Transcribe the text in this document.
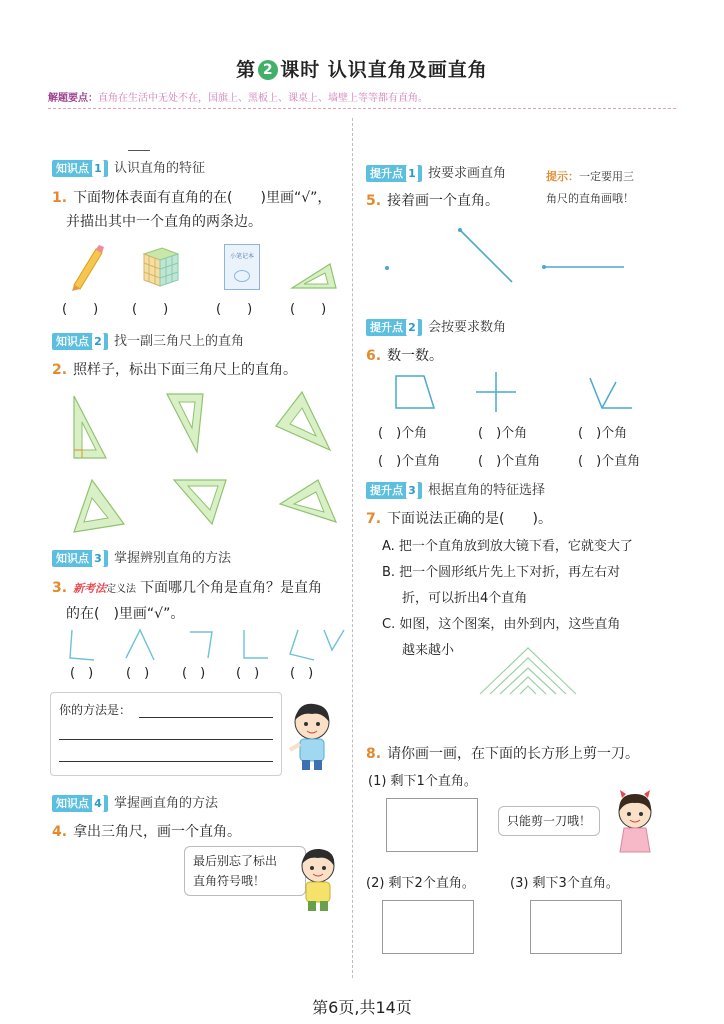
第 2 课时 认识直角及画直角
解题要点：直角在生活中无处不在，国旗上、黑板上、课桌上、墙壁上等等都有直角。
知识点 1 认识直角的特征
1. 下面物体表面有直角的在(　　)里画“√”，
并描出其中一个直角的两条边。
小笔记本
(　　)	(　　)	(　　)	(　　)
知识点 2 找一副三角尺上的直角
2. 照样子，标出下面三角尺上的直角。
知识点 3 掌握辨别直角的方法
3. 新考法定义法 下面哪几个角是直角？是直角
的在(　)里画“√”。
(　)	(　)	(　) (　) (　)
你的方法是：
知识点 4 掌握画直角的方法
4. 拿出三角尺，画一个直角。
最后别忘了标出
直角符号哦！
提升点 1 按要求画直角	提示：一定要用三
角尺的直角画哦！
5. 接着画一个直角。
提升点 2 会按要求数角
6. 数一数。
(　)个角	(　)个角	(　)个角
(　)个直角	(　)个直角	(　)个直角
提升点 3 根据直角的特征选择
7. 下面说法正确的是(　　)。
A. 把一个直角放到放大镜下看，它就变大了
B. 把一个圆形纸片先上下对折，再左右对
折，可以折出4个直角
C. 如图，这个图案，由外到内，这些直角
越来越小
8. 请你画一画，在下面的长方形上剪一刀。
(1) 剩下1个直角。
只能剪一刀哦！
(2) 剩下2个直角。	(3) 剩下3个直角。
第6页,共14页
